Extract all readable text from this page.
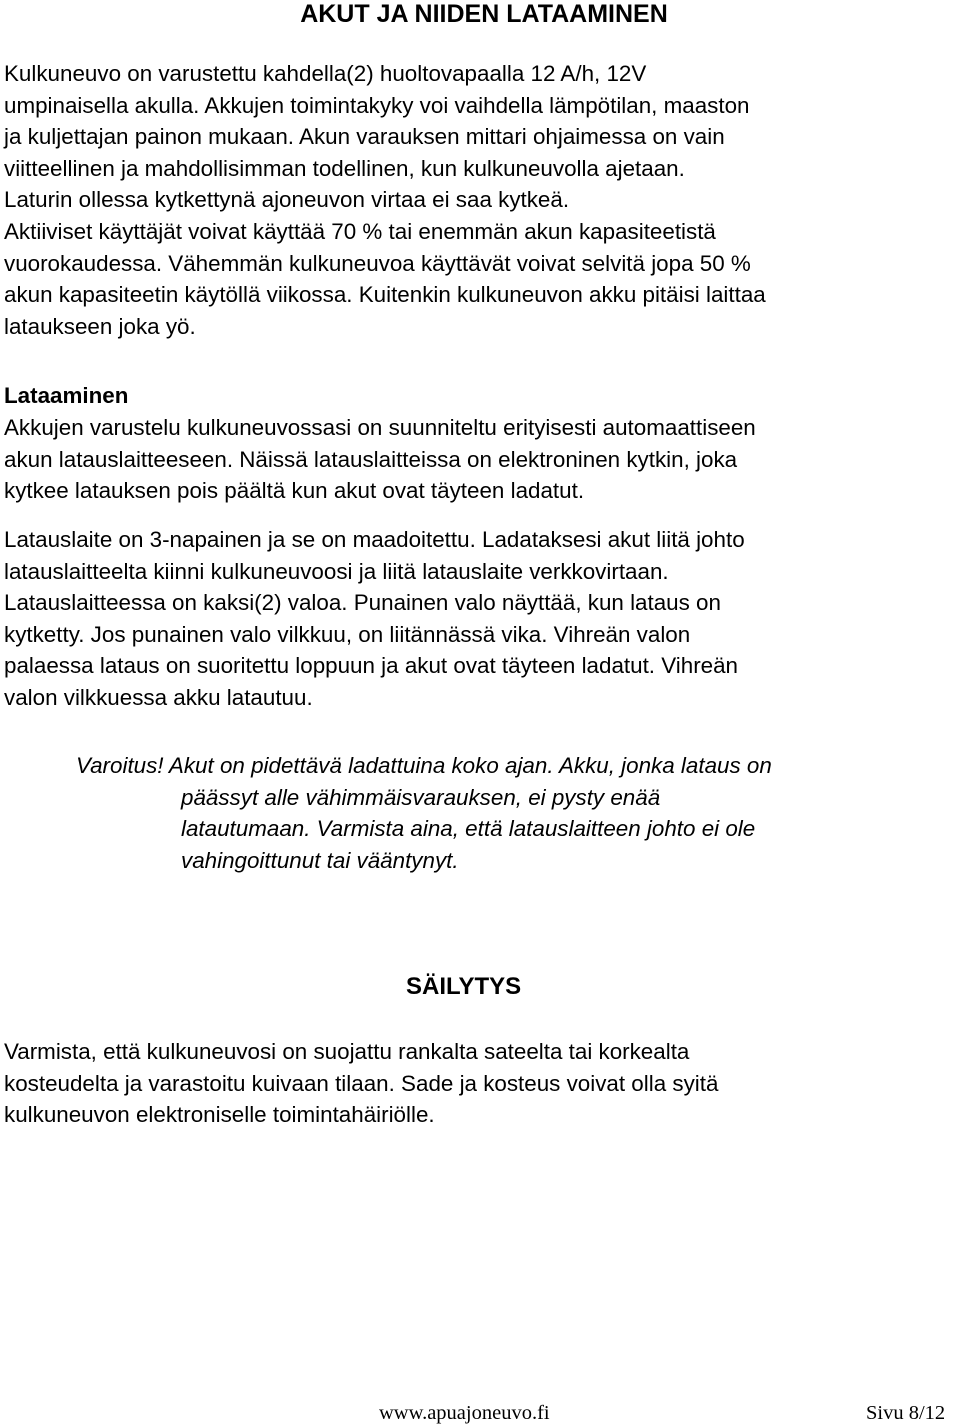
AKUT JA NIIDEN LATAAMINEN
Kulkuneuvo on varustettu kahdella(2) huoltovapaalla 12 A/h, 12V
umpinaisella akulla. Akkujen toimintakyky voi vaihdella lämpötilan, maaston
ja kuljettajan painon mukaan. Akun varauksen mittari ohjaimessa on vain
viitteellinen ja mahdollisimman todellinen, kun kulkuneuvolla ajetaan.
Laturin ollessa kytkettynä ajoneuvon virtaa ei saa kytkeä.
Aktiiviset käyttäjät voivat käyttää 70 % tai enemmän akun kapasiteetistä
vuorokaudessa. Vähemmän kulkuneuvoa käyttävät voivat selvitä jopa 50 %
akun kapasiteetin käytöllä viikossa. Kuitenkin kulkuneuvon akku pitäisi laittaa
lataukseen joka yö.
Lataaminen
Akkujen varustelu kulkuneuvossasi on suunniteltu erityisesti automaattiseen
akun latauslaitteeseen. Näissä latauslaitteissa on elektroninen kytkin, joka
kytkee latauksen pois päältä kun akut ovat täyteen ladatut.
Latauslaite on 3-napainen ja se on maadoitettu. Ladataksesi akut liitä johto
latauslaitteelta kiinni kulkuneuvoosi ja liitä latauslaite verkkovirtaan.
Latauslaitteessa on kaksi(2) valoa. Punainen valo näyttää, kun lataus on
kytketty. Jos punainen valo vilkkuu, on liitännässä vika. Vihreän valon
palaessa lataus on suoritettu loppuun ja akut ovat täyteen ladatut. Vihreän
valon vilkkuessa akku latautuu.
Varoitus! Akut on pidettävä ladattuina koko ajan. Akku, jonka lataus on
päässyt alle vähimmäisvarauksen, ei pysty enää
latautumaan. Varmista aina, että latauslaitteen johto ei ole
vahingoittunut tai vääntynyt.
SÄILYTYS
Varmista, että kulkuneuvosi on suojattu rankalta sateelta tai korkealta
kosteudelta ja varastoitu kuivaan tilaan. Sade ja kosteus voivat olla syitä
kulkuneuvon elektroniselle toimintahäiriölle.
www.apuajoneuvo.fi	Sivu 8/12
